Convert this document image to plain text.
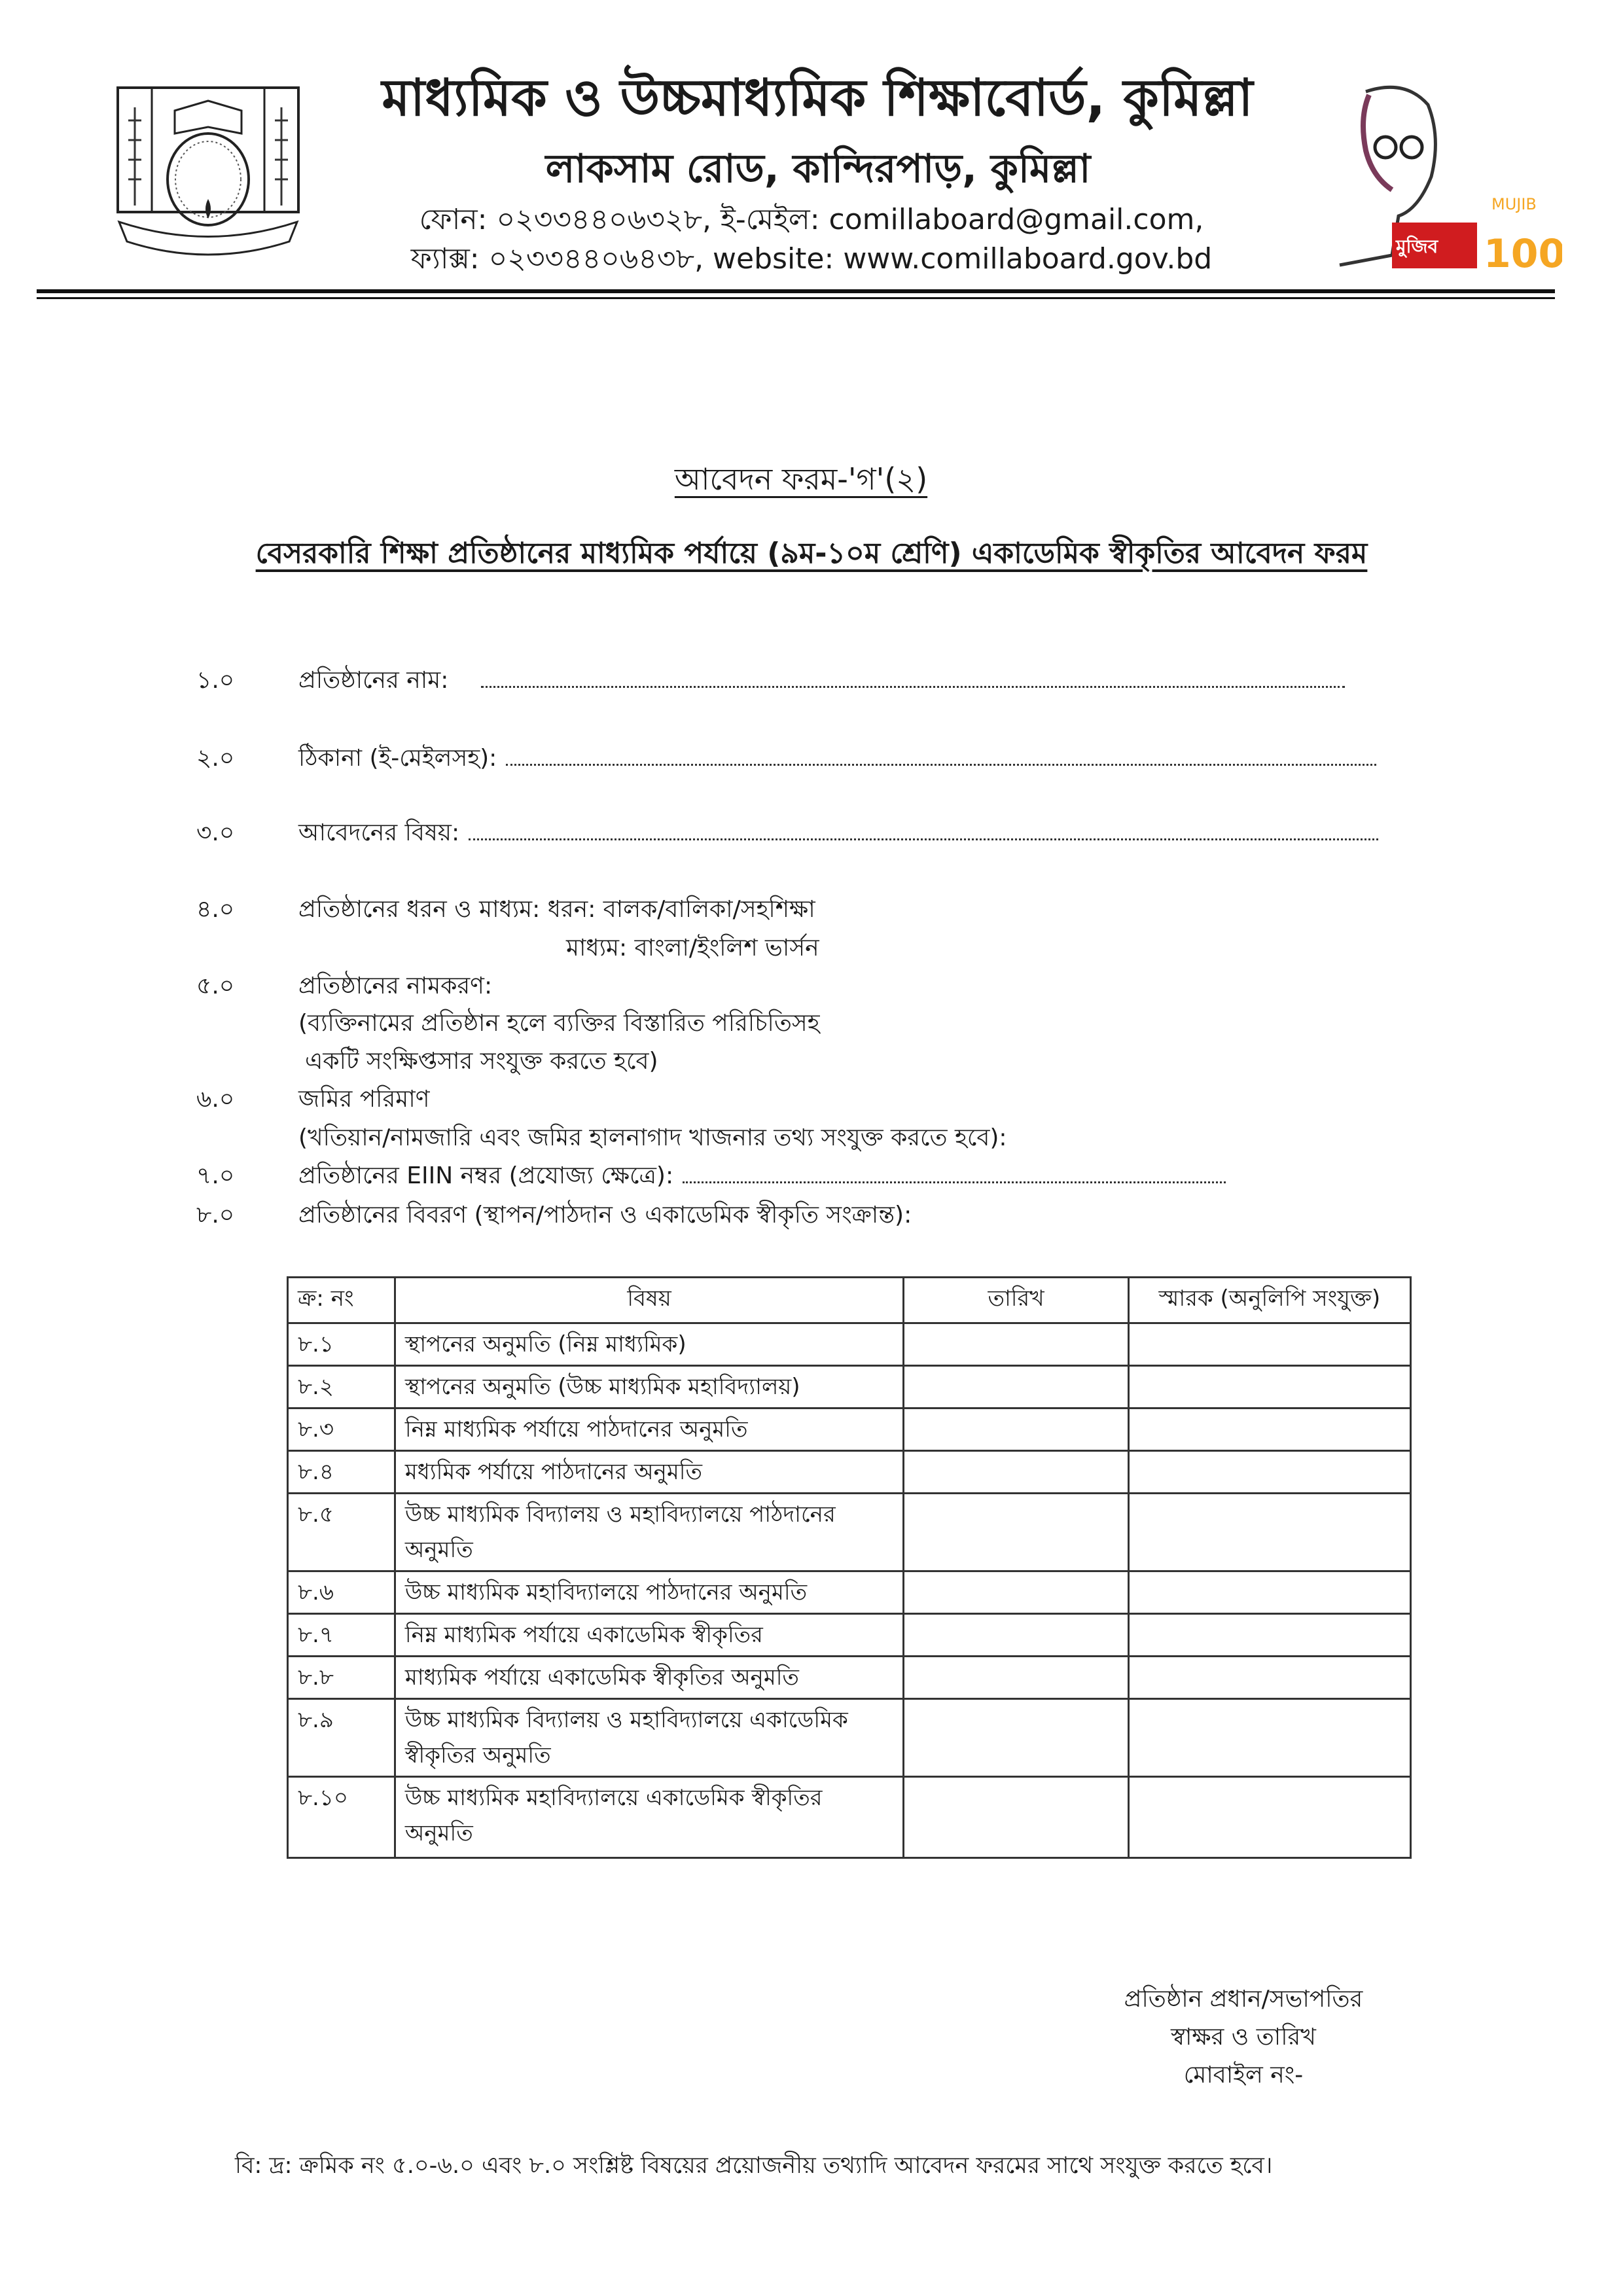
মাধ্যমিক ও উচ্চমাধ্যমিক শিক্ষাবোর্ড, কুমিল্লা
লাকসাম রোড, কান্দিরপাড়, কুমিল্লা
ফোন: ০২৩৩৪৪০৬৩২৮, ই-মেইল: comillaboard@gmail.com,
ফ্যাক্স: ০২৩৩৪৪০৬৪৩৮, website: www.comillaboard.gov.bd	মুজিব
MUJIB
100
আবেদন ফরম-'গ'(২)
বেসরকারি শিক্ষা প্রতিষ্ঠানের মাধ্যমিক পর্যায়ে (৯ম-১০ম শ্রেণি) একাডেমিক স্বীকৃতির আবেদন ফরম
১.০	প্রতিষ্ঠানের নাম:
২.০	ঠিকানা (ই-মেইলসহ):
৩.০	আবেদনের বিষয়:
৪.০	প্রতিষ্ঠানের ধরন ও মাধ্যম: ধরন: বালক/বালিকা/সহশিক্ষা
মাধ্যম: বাংলা/ইংলিশ ভার্সন
৫.০	প্রতিষ্ঠানের নামকরণ:
(ব্যক্তিনামের প্রতিষ্ঠান হলে ব্যক্তির বিস্তারিত পরিচিতিসহ
একটি সংক্ষিপ্তসার সংযুক্ত করতে হবে)
৬.০	জমির পরিমাণ
(খতিয়ান/নামজারি এবং জমির হালনাগাদ খাজনার তথ্য সংযুক্ত করতে হবে):
৭.০	প্রতিষ্ঠানের EIIN নম্বর (প্রযোজ্য ক্ষেত্রে):
৮.০	প্রতিষ্ঠানের বিবরণ (স্থাপন/পাঠদান ও একাডেমিক স্বীকৃতি সংক্রান্ত):
ক্র: নং	বিষয়	তারিখ	স্মারক (অনুলিপি সংযুক্ত)
৮.১	স্থাপনের অনুমতি (নিম্ন মাধ্যমিক)		
৮.২	স্থাপনের অনুমতি (উচ্চ মাধ্যমিক মহাবিদ্যালয়)		
৮.৩	নিম্ন মাধ্যমিক পর্যায়ে পাঠদানের অনুমতি		
৮.৪	মধ্যমিক পর্যায়ে পাঠদানের অনুমতি		
৮.৫	উচ্চ মাধ্যমিক বিদ্যালয় ও মহাবিদ্যালয়ে পাঠদানের অনুমতি		
৮.৬	উচ্চ মাধ্যমিক মহাবিদ্যালয়ে পাঠদানের অনুমতি		
৮.৭	নিম্ন মাধ্যমিক পর্যায়ে একাডেমিক স্বীকৃতির		
৮.৮	মাধ্যমিক পর্যায়ে একাডেমিক স্বীকৃতির অনুমতি		
৮.৯	উচ্চ মাধ্যমিক বিদ্যালয় ও মহাবিদ্যালয়ে একাডেমিক স্বীকৃতির অনুমতি		
৮.১০	উচ্চ মাধ্যমিক মহাবিদ্যালয়ে একাডেমিক স্বীকৃতির অনুমতি		
প্রতিষ্ঠান প্রধান/সভাপতির
স্বাক্ষর ও তারিখ
মোবাইল নং-
বি: দ্র: ক্রমিক নং ৫.০-৬.০ এবং ৮.০ সংশ্লিষ্ট বিষয়ের প্রয়োজনীয় তথ্যাদি আবেদন ফরমের সাথে সংযুক্ত করতে হবে।
